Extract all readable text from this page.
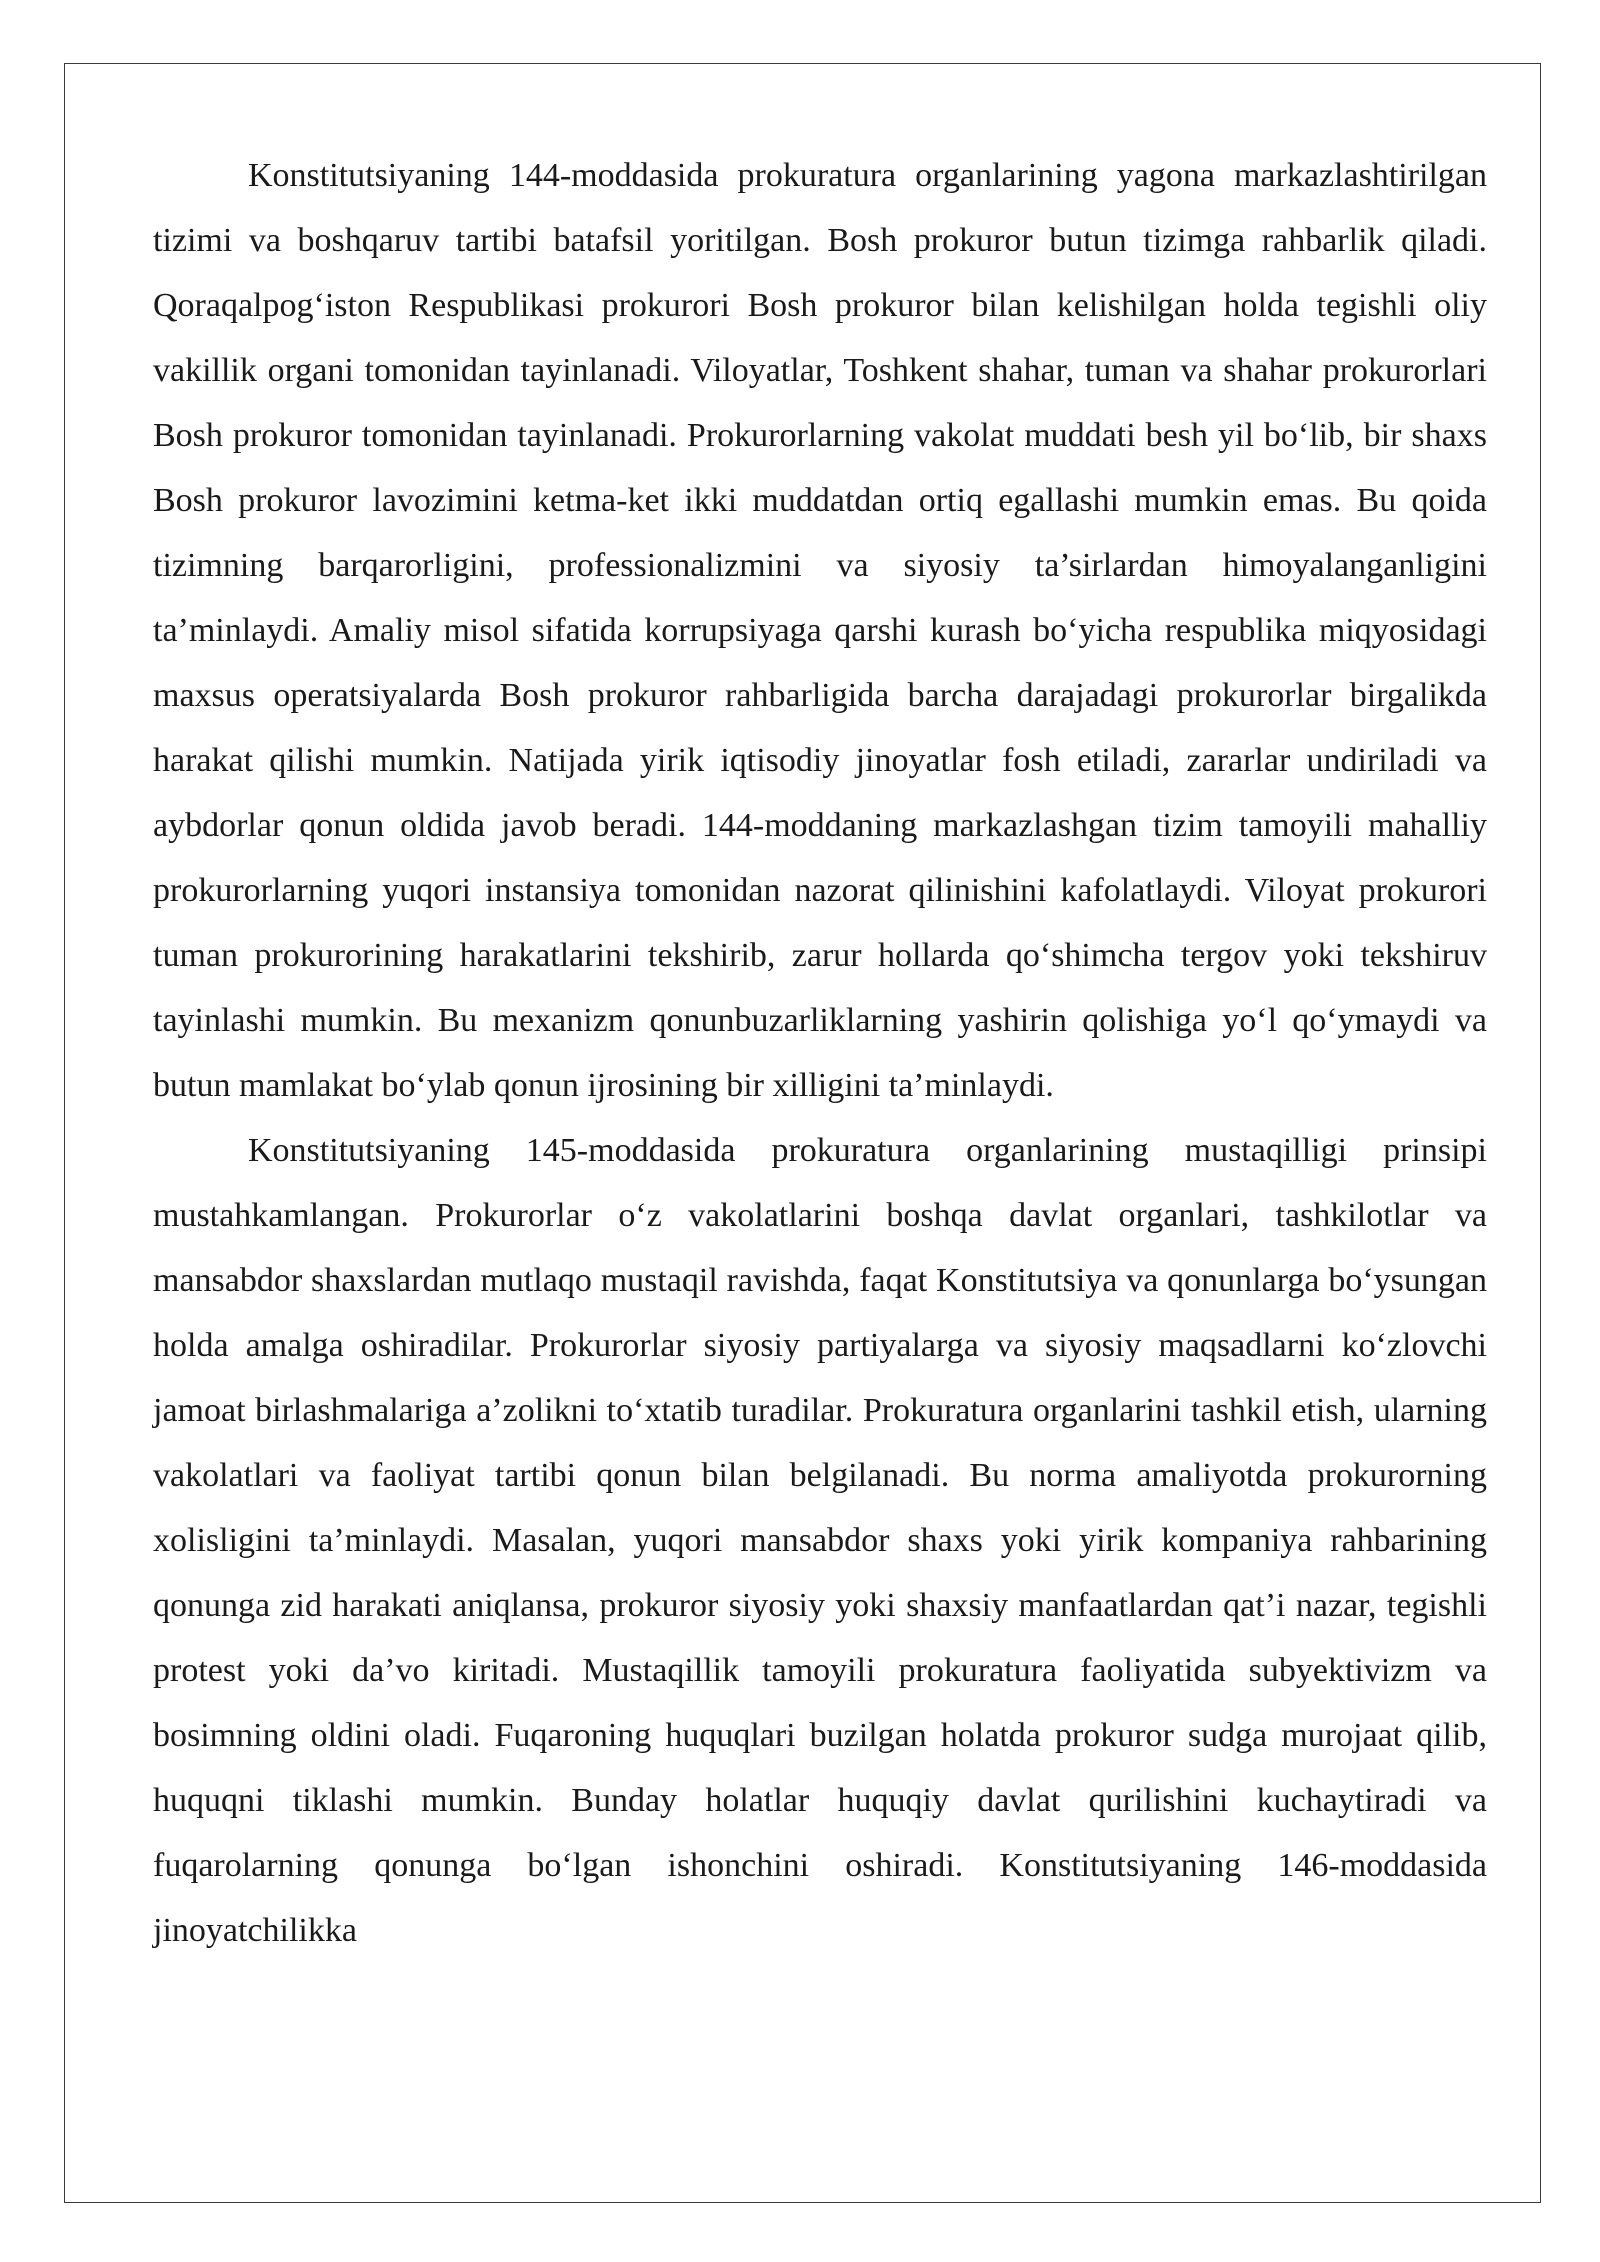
Konstitutsiyaning 144-moddasida prokuratura organlarining yagona markazlashtirilgan tizimi va boshqaruv tartibi batafsil yoritilgan. Bosh prokuror butun tizimga rahbarlik qiladi. Qoraqalpog‘iston Respublikasi prokurori Bosh prokuror bilan kelishilgan holda tegishli oliy vakillik organi tomonidan tayinlanadi. Viloyatlar, Toshkent shahar, tuman va shahar prokurorlari Bosh prokuror tomonidan tayinlanadi. Prokurorlarning vakolat muddati besh yil bo‘lib, bir shaxs Bosh prokuror lavozimini ketma-ket ikki muddatdan ortiq egallashi mumkin emas. Bu qoida tizimning barqarorligini, professionalizmini va siyosiy ta’sirlardan himoyalanganligini ta’minlaydi. Amaliy misol sifatida korrupsiyaga qarshi kurash bo‘yicha respublika miqyosidagi maxsus operatsiyalarda Bosh prokuror rahbarligida barcha darajadagi prokurorlar birgalikda harakat qilishi mumkin. Natijada yirik iqtisodiy jinoyatlar fosh etiladi, zararlar undiriladi va aybdorlar qonun oldida javob beradi. 144-moddaning markazlashgan tizim tamoyili mahalliy prokurorlarning yuqori instansiya tomonidan nazorat qilinishini kafolatlaydi. Viloyat prokurori tuman prokurorining harakatlarini tekshirib, zarur hollarda qo‘shimcha tergov yoki tekshiruv tayinlashi mumkin. Bu mexanizm qonunbuzarliklarning yashirin qolishiga yo‘l qo‘ymaydi va butun mamlakat bo‘ylab qonun ijrosining bir xilligini ta’minlaydi.

Konstitutsiyaning 145-moddasida prokuratura organlarining mustaqilligi prinsipi mustahkamlangan. Prokurorlar o‘z vakolatlarini boshqa davlat organlari, tashkilotlar va mansabdor shaxslardan mutlaqo mustaqil ravishda, faqat Konstitutsiya va qonunlarga bo‘ysungan holda amalga oshiradilar. Prokurorlar siyosiy partiyalarga va siyosiy maqsadlarni ko‘zlovchi jamoat birlashmalariga a’zolikni to‘xtatib turadilar. Prokuratura organlarini tashkil etish, ularning vakolatlari va faoliyat tartibi qonun bilan belgilanadi. Bu norma amaliyotda prokurorning xolisligini ta’minlaydi. Masalan, yuqori mansabdor shaxs yoki yirik kompaniya rahbarining qonunga zid harakati aniqlansa, prokuror siyosiy yoki shaxsiy manfaatlardan qat’i nazar, tegishli protest yoki da’vo kiritadi. Mustaqillik tamoyili prokuratura faoliyatida subyektivizm va bosimning oldini oladi. Fuqaroning huquqlari buzilgan holatda prokuror sudga murojaat qilib, huquqni tiklashi mumkin. Bunday holatlar huquqiy davlat qurilishini kuchaytiradi va fuqarolarning qonunga bo‘lgan ishonchini oshiradi. Konstitutsiyaning 146-moddasida jinoyatchilikka
